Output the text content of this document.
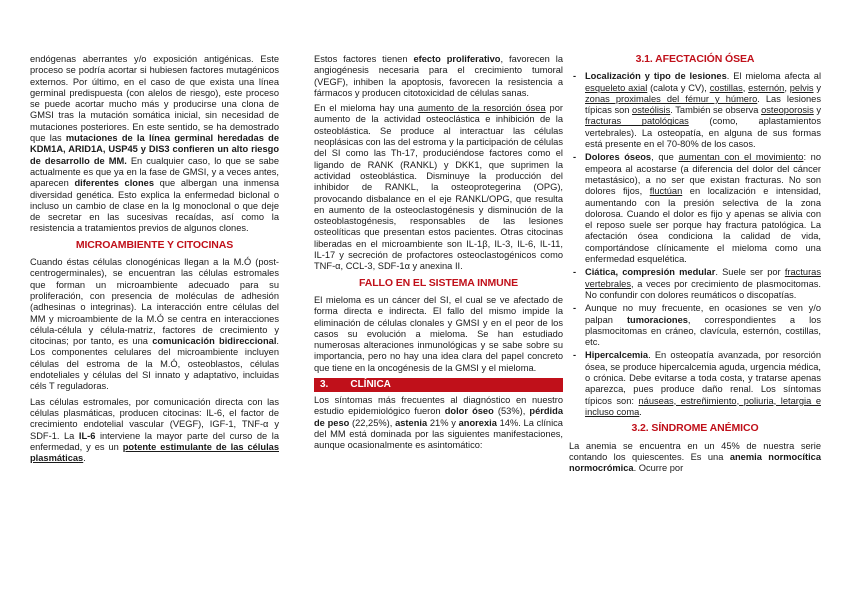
endógenas aberrantes y/o exposición antigénicas. Este proceso se podría acortar si hubiesen factores mutagénicos externos. Por último, en el caso de que exista una línea germinal predispuesta (con alelos de riesgo), este proceso se puede acortar mucho más y producirse una clona de GMSI tras la mutación somática inicial, sin necesidad de mutaciones posteriores. En este sentido, se ha demostrado que las mutaciones de la línea germinal heredadas de KDM1A, ARID1A, USP45 y DIS3 confieren un alto riesgo de desarrollo de MM. En cualquier caso, lo que se sabe actualmente es que ya en la fase de GMSI, y a veces antes, aparecen diferentes clones que albergan una inmensa diversidad genética. Esto explica la enfermedad biclonal o incluso un cambio de clase en la Ig monoclonal o que deje de secretar en las sucesivas recaídas, así como la resistencia a tratamientos previos de algunos clones.

MICROAMBIENTE Y CITOCINAS

Cuando éstas células clonogénicas llegan a la M.Ó (post-centrogerminales), se encuentran las células estromales que forman un microambiente adecuado para su proliferación, con presencia de moléculas de adhesión (adhesinas o integrinas). La interacción entre células del MM y microambiente de la M.Ó se centra en interacciones célula-célula y célula-matriz, factores de crecimiento y citocinas; por tanto, es una comunicación bidireccional. Los componentes celulares del microambiente incluyen células del estroma de la M.Ó, osteoblastos, células endoteliales y células del SI innato y adaptativo, incluidas céls T reguladoras.

Las células estromales, por comunicación directa con las células plasmáticas, producen citocinas: IL-6, el factor de crecimiento endotelial vascular (VEGF), IGF-1, TNF-α y SDF-1. La IL-6 interviene la mayor parte del curso de la enfermedad, y es un potente estimulante de las células plasmáticas.

Estos factores tienen efecto proliferativo, favorecen la angiogénesis necesaria para el crecimiento tumoral (VEGF), inhiben la apoptosis, favorecen la resistencia a fármacos y producen citotoxicidad de células sanas.

En el mieloma hay una aumento de la resorción ósea por aumento de la actividad osteoclástica e inhibición de la osteoblástica. Se produce al interactuar las células neoplásicas con las del estroma y la participación de células del SI como las Th-17, produciéndose factores como el ligando de RANK (RANKL) y DKK1, que suprimen la actividad osteoblástica. Disminuye la producción del inhibidor de RANKL, la osteoprotegerina (OPG), provocando disbalance en el eje RANKL/OPG, que resulta en aumento de la osteoclastogénesis y disminución de la osteoblastogénesis, responsables de las lesiones osteolíticas que presentan estos pacientes. Otras citocinas liberadas en el microambiente son IL-1β, IL-3, IL-6, IL-11, IL-17 y secreción de profactores osteoclastogénicos como TNF-α, CCL-3, SDF-1α y anexina II.

FALLO EN EL SISTEMA INMUNE

El mieloma es un cáncer del SI, el cual se ve afectado de forma directa e indirecta. El fallo del mismo impide la eliminación de células clonales y GMSI y en el peor de los casos su evolución a mieloma. Se han estudiado numerosas alteraciones inmunológicas y se sabe sobre su importancia, pero no hay una idea clara del papel concreto que tiene en la oncogénesis de la GMSI y el mieloma.

3. CLÍNICA

Los síntomas más frecuentes al diagnóstico en nuestro estudio epidemiológico fueron dolor óseo (53%), pérdida de peso (22,25%), astenia 21% y anorexia 14%. La clínica del MM está dominada por las siguientes manifestaciones, aunque ocasionalmente es asintomático:

3.1. AFECTACIÓN ÓSEA
- Localización y tipo de lesiones. El mieloma afecta al esqueleto axial (calota y CV), costillas, esternón, pelvis y zonas proximales del fémur y húmero. Las lesiones típicas son osteólisis. También se observa osteoporosis y fracturas patológicas (como, aplastamientos vertebrales). La osteopatía, en alguna de sus formas está presente en el 70-80% de los casos.
- Dolores óseos, que aumentan con el movimiento: no empeora al acostarse (a diferencia del dolor del cáncer metastásico), a no ser que existan fracturas. No son dolores fijos, fluctúan en localización e intensidad, aumentando con la presión selectiva de la zona dolorosa. Cuando el dolor es fijo y apenas se alivia con el reposo suele ser porque hay fractura patológica. La afectación ósea condiciona la calidad de vida, comportándose clínicamente el mieloma como una enfermedad esquelética.
- Ciática, compresión medular. Suele ser por fracturas vertebrales, a veces por crecimiento de plasmocitomas. No confundir con dolores reumáticos o discopatías.
- Aunque no muy frecuente, en ocasiones se ven y/o palpan tumoraciones, correspondientes a los plasmocitomas en cráneo, clavícula, esternón, costillas, etc.
- Hipercalcemia. En osteopatía avanzada, por resorción ósea, se produce hipercalcemia aguda, urgencia médica, o crónica. Debe evitarse a toda costa, y tratarse apenas aparezca, pues produce daño renal. Los síntomas típicos son: náuseas, estreñimiento, poliuria, letargia e incluso coma.
3.2. SÍNDROME ANÉMICO

La anemia se encuentra en un 45% de nuestra serie contando los quiescentes. Es una anemia normocítica normocrómica. Ocurre por
